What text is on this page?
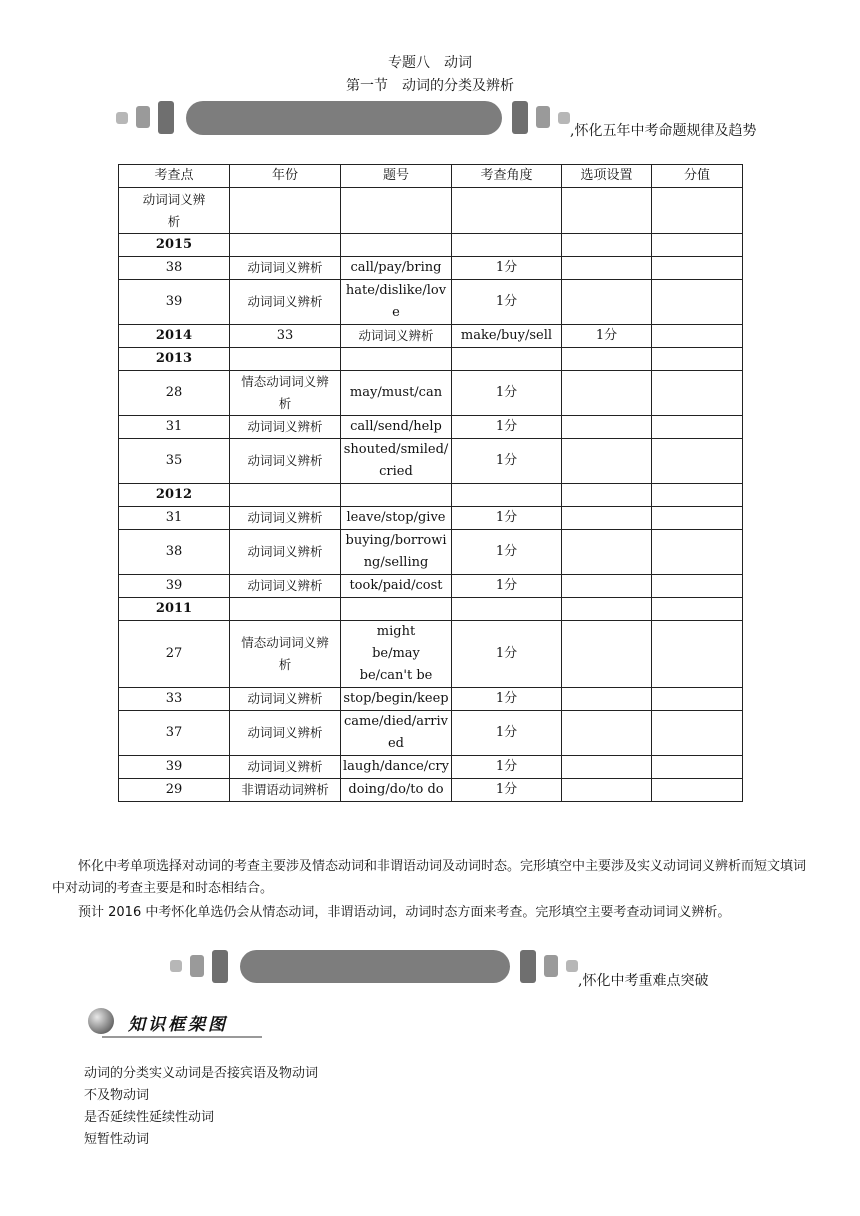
专题八　动词
第一节　动词的分类及辨析
,怀化五年中考命题规律及趋势
考查点	年份	题号	考查角度	选项设置	分值
动词词义辨析					
2015					
38	动词词义辨析	call/pay/bring	1分		
39	动词词义辨析	hate/dislike/love	1分		
2014	33	动词词义辨析	make/buy/sell	1分	
2013					
28	情态动词词义辨析	may/must/can	1分		
31	动词词义辨析	call/send/help	1分		
35	动词词义辨析	shouted/smiled/cried	1分		
2012					
31	动词词义辨析	leave/stop/give	1分		
38	动词词义辨析	buying/borrowing/selling	1分		
39	动词词义辨析	took/paid/cost	1分		
2011					
27	情态动词词义辨析	might be/may be/can't be	1分		
33	动词词义辨析	stop/begin/keep	1分		
37	动词词义辨析	came/died/arrived	1分		
39	动词词义辨析	laugh/dance/cry	1分		
29	非谓语动词辨析	doing/do/to do	1分		
怀化中考单项选择对动词的考查主要涉及情态动词和非谓语动词及动词时态。完形填空中主要涉及实义动词词义辨析而短文填词中对动词的考查主要是和时态相结合。
预计 2016 中考怀化单选仍会从情态动词，非谓语动词，动词时态方面来考查。完形填空主要考查动词词义辨析。
,怀化中考重难点突破
知识框架图
动词的分类实义动词是否接宾语及物动词
不及物动词
是否延续性延续性动词
短暂性动词
